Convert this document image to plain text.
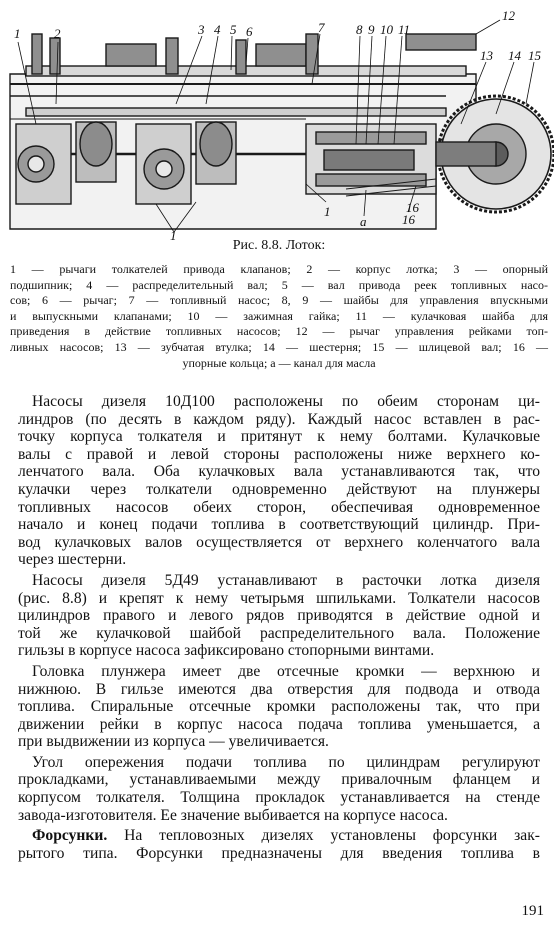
1	2	3 4 5 6	7 8 9 10 11
12
13 14 15
16
a
1
1
16
Рис. 8.8. Лоток:
1 — рычаги толкателей привода клапанов; 2 — корпус лотка; 3 — опорный
подшипник; 4 — распределительный вал; 5 — вал привода реек топливных насо-
сов; 6 — рычаг; 7 — топливный насос; 8, 9 — шайбы для управления впускными
и выпускными клапанами; 10 — зажимная гайка; 11 — кулачковая шайба для
приведения в действие топливных насосов; 12 — рычаг управления рейками топ-
ливных насосов; 13 — зубчатая втулка; 14 — шестерня; 15 — шлицевой вал; 16 —
упорные кольца; а — канал для масла
Насосы дизеля 10Д100 расположены по обеим сторонам ци-
линдров (по десять в каждом ряду). Каждый насос вставлен в рас-
точку корпуса толкателя и притянут к нему болтами. Кулачковые
валы с правой и левой стороны расположены ниже верхнего ко-
ленчатого вала. Оба кулачковых вала устанавливаются так, что
кулачки через толкатели одновременно действуют на плунжеры
топливных насосов обеих сторон, обеспечивая одновременное
начало и конец подачи топлива в соответствующий цилиндр. При-
вод кулачковых валов осуществляется от верхнего коленчатого вала
через шестерни.
Насосы дизеля 5Д49 устанавливают в расточки лотка дизеля
(рис. 8.8) и крепят к нему четырьмя шпильками. Толкатели насосов
цилиндров правого и левого рядов приводятся в действие одной и
той же кулачковой шайбой распределительного вала. Положение
гильзы в корпусе насоса зафиксировано стопорными винтами.
Головка плунжера имеет две отсечные кромки — верхнюю и
нижнюю. В гильзе имеются два отверстия для подвода и отвода
топлива. Спиральные отсечные кромки расположены так, что при
движении рейки в корпус насоса подача топлива уменьшается, а
при выдвижении из корпуса — увеличивается.
Угол опережения подачи топлива по цилиндрам регулируют
прокладками, устанавливаемыми между привалочным фланцем и
корпусом толкателя. Толщина прокладок устанавливается на стенде
завода-изготовителя. Ее значение выбивается на корпусе насоса.
Форсунки. На тепловозных дизелях установлены форсунки зак-
рытого типа. Форсунки предназначены для введения топлива в
191
